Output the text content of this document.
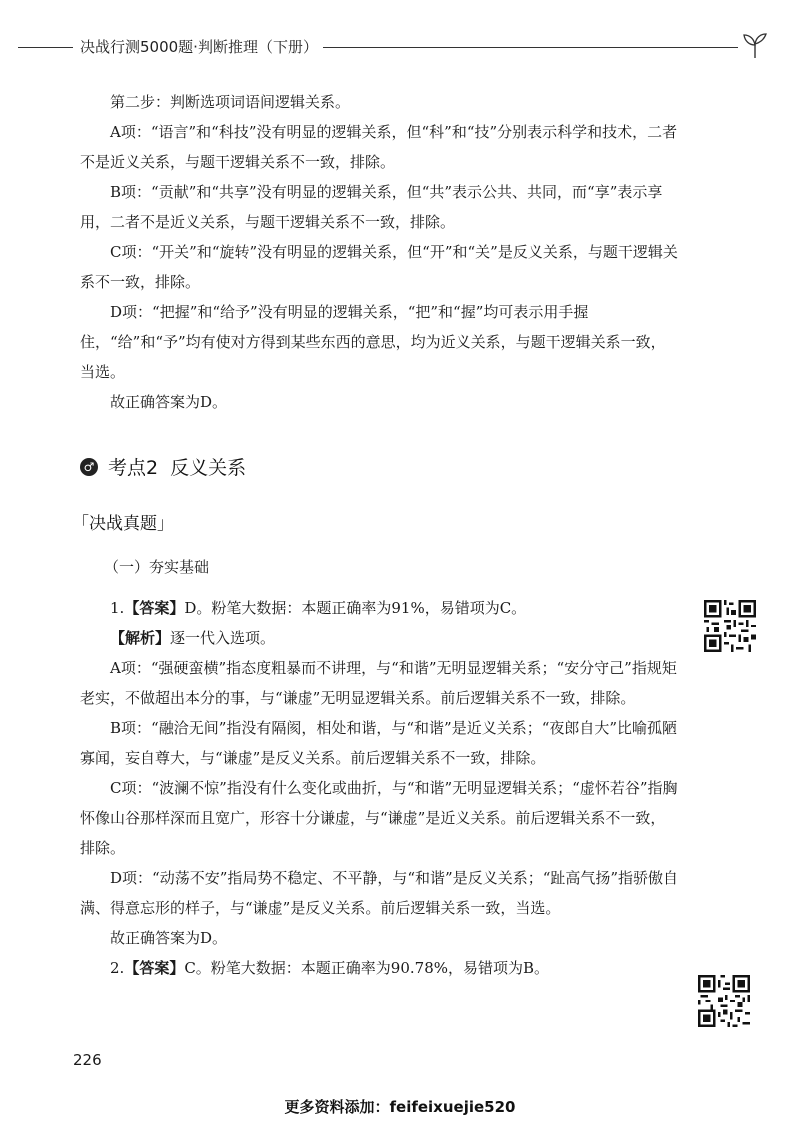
决战行测5000题·判断推理（下册）

第二步：判断选项词语间逻辑关系。

A项：“语言”和“科技”没有明显的逻辑关系，但“科”和“技”分别表示科学和技术，二者不是近义关系，与题干逻辑关系不一致，排除。

B项：“贡献”和“共享”没有明显的逻辑关系，但“共”表示公共、共同，而“享”表示享用，二者不是近义关系，与题干逻辑关系不一致，排除。

C项：“开关”和“旋转”没有明显的逻辑关系，但“开”和“关”是反义关系，与题干逻辑关系不一致，排除。

D项：“把握”和“给予”没有明显的逻辑关系，“把”和“握”均可表示用手握住，“给”和“予”均有使对方得到某些东西的意思，均为近义关系，与题干逻辑关系一致，当选。

故正确答案为D。

♂ 考点2 反义关系
「决战真题」
（一）夯实基础

1.【答案】D。粉笔大数据：本题正确率为91%，易错项为C。

【解析】逐一代入选项。

A项：“强硬蛮横”指态度粗暴而不讲理，与“和谐”无明显逻辑关系；“安分守己”指规矩老实，不做超出本分的事，与“谦虚”无明显逻辑关系。前后逻辑关系不一致，排除。

B项：“融洽无间”指没有隔阂，相处和谐，与“和谐”是近义关系；“夜郎自大”比喻孤陋寡闻，妄自尊大，与“谦虚”是反义关系。前后逻辑关系不一致，排除。

C项：“波澜不惊”指没有什么变化或曲折，与“和谐”无明显逻辑关系；“虚怀若谷”指胸怀像山谷那样深而且宽广，形容十分谦虚，与“谦虚”是近义关系。前后逻辑关系不一致，排除。

D项：“动荡不安”指局势不稳定、不平静，与“和谐”是反义关系；“趾高气扬”指骄傲自满、得意忘形的样子，与“谦虚”是反义关系。前后逻辑关系一致，当选。

故正确答案为D。

2.【答案】C。粉笔大数据：本题正确率为90.78%，易错项为B。

226
更多资料添加：feifeixuejie520
